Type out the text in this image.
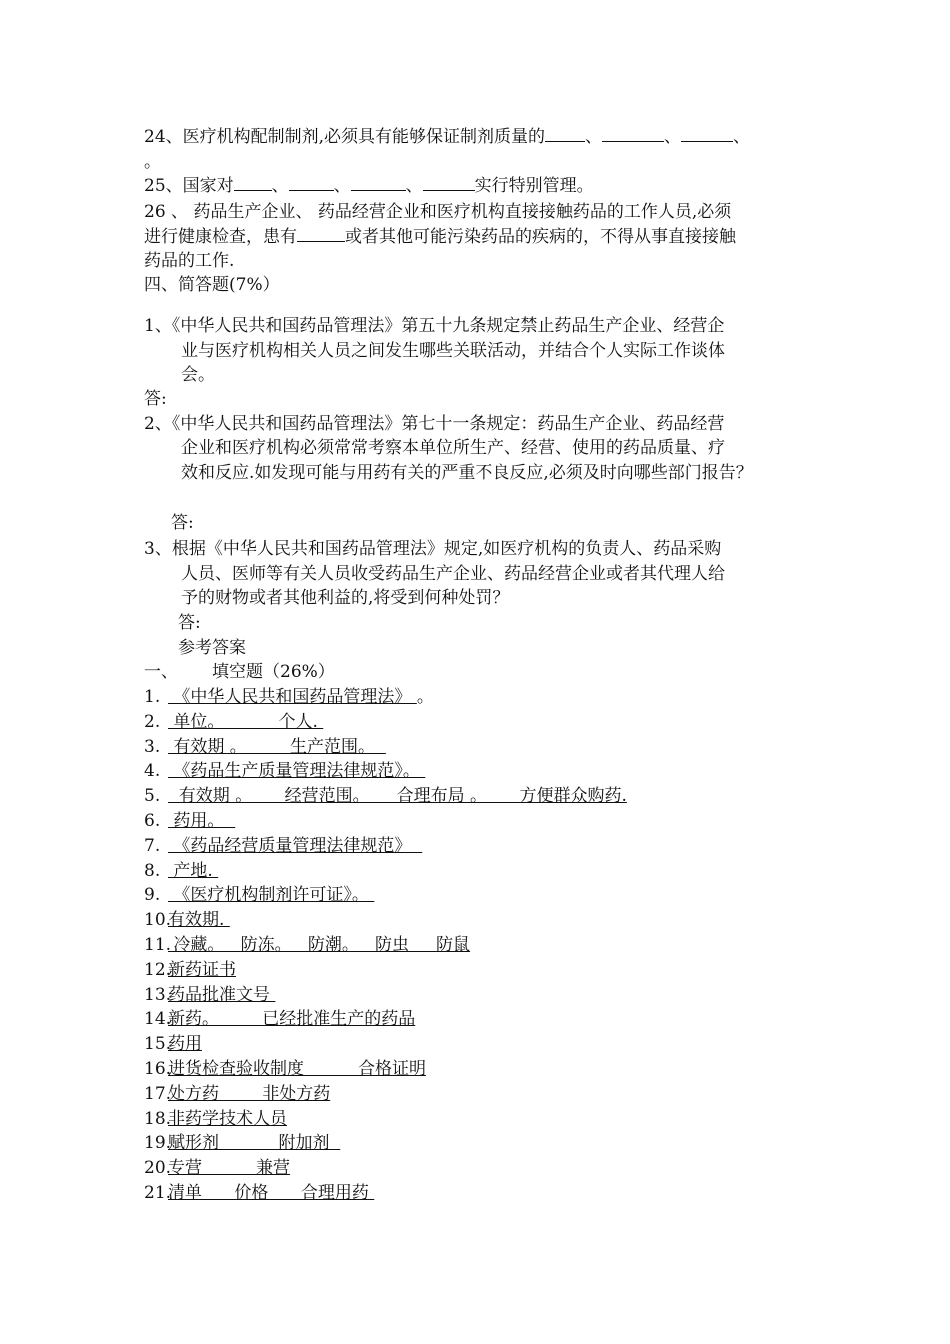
24、医疗机构配制制剂,必须具有能够保证制剂质量的 、	、	、
。
25、国家对 、	、	、	实行特别管理。
26 、 药品生产企业、 药品经营企业和医疗机构直接接触药品的工作人员,必须
进行健康检查，患有	或者其他可能污染药品的疾病的，不得从事直接接触
药品的工作.
四、简答题(7%）
1、《中华人民共和国药品管理法》第五十九条规定禁止药品生产企业、经营企
业与医疗机构相关人员之间发生哪些关联活动，并结合个人实际工作谈体
会。
答:
2、《中华人民共和国药品管理法》第七十一条规定：药品生产企业、药品经营
企业和医疗机构必须常常考察本单位所生产、经营、使用的药品质量、疗
效和反应.如发现可能与用药有关的严重不良反应,必须及时向哪些部门报告？
答:
3、根据《中华人民共和国药品管理法》规定,如医疗机构的负责人、药品采购
人员、医师等有关人员收受药品生产企业、药品经营企业或者其代理人给
予的财物或者其他利益的,将受到何种处罚？
答:
参考答案
一、 填空题（26%）
1. 《中华人民共和国药品管理法》 。
2. 单位。          个人.
3. 有效期 。        生产范围。
4. 《药品生产质量管理法律规范》。
5.  有效期 。      经营范围。     合理布局 。      方便群众购药.
6. 药用。
7. 《药品经营质量管理法律规范》
8. 产地.
9. 《医疗机构制剂许可证》。
10.有效期.
11. 冷藏。   防冻。   防潮。   防虫     防鼠
12.新药证书
13.药品批准文号
14.新药。        已经批准生产的药品
15.药用
16.进货检查验收制度          合格证明
17.处方药        非处方药
18.非药学技术人员
19.赋形剂           附加剂
20.专营          兼营
21.清单      价格      合理用药
